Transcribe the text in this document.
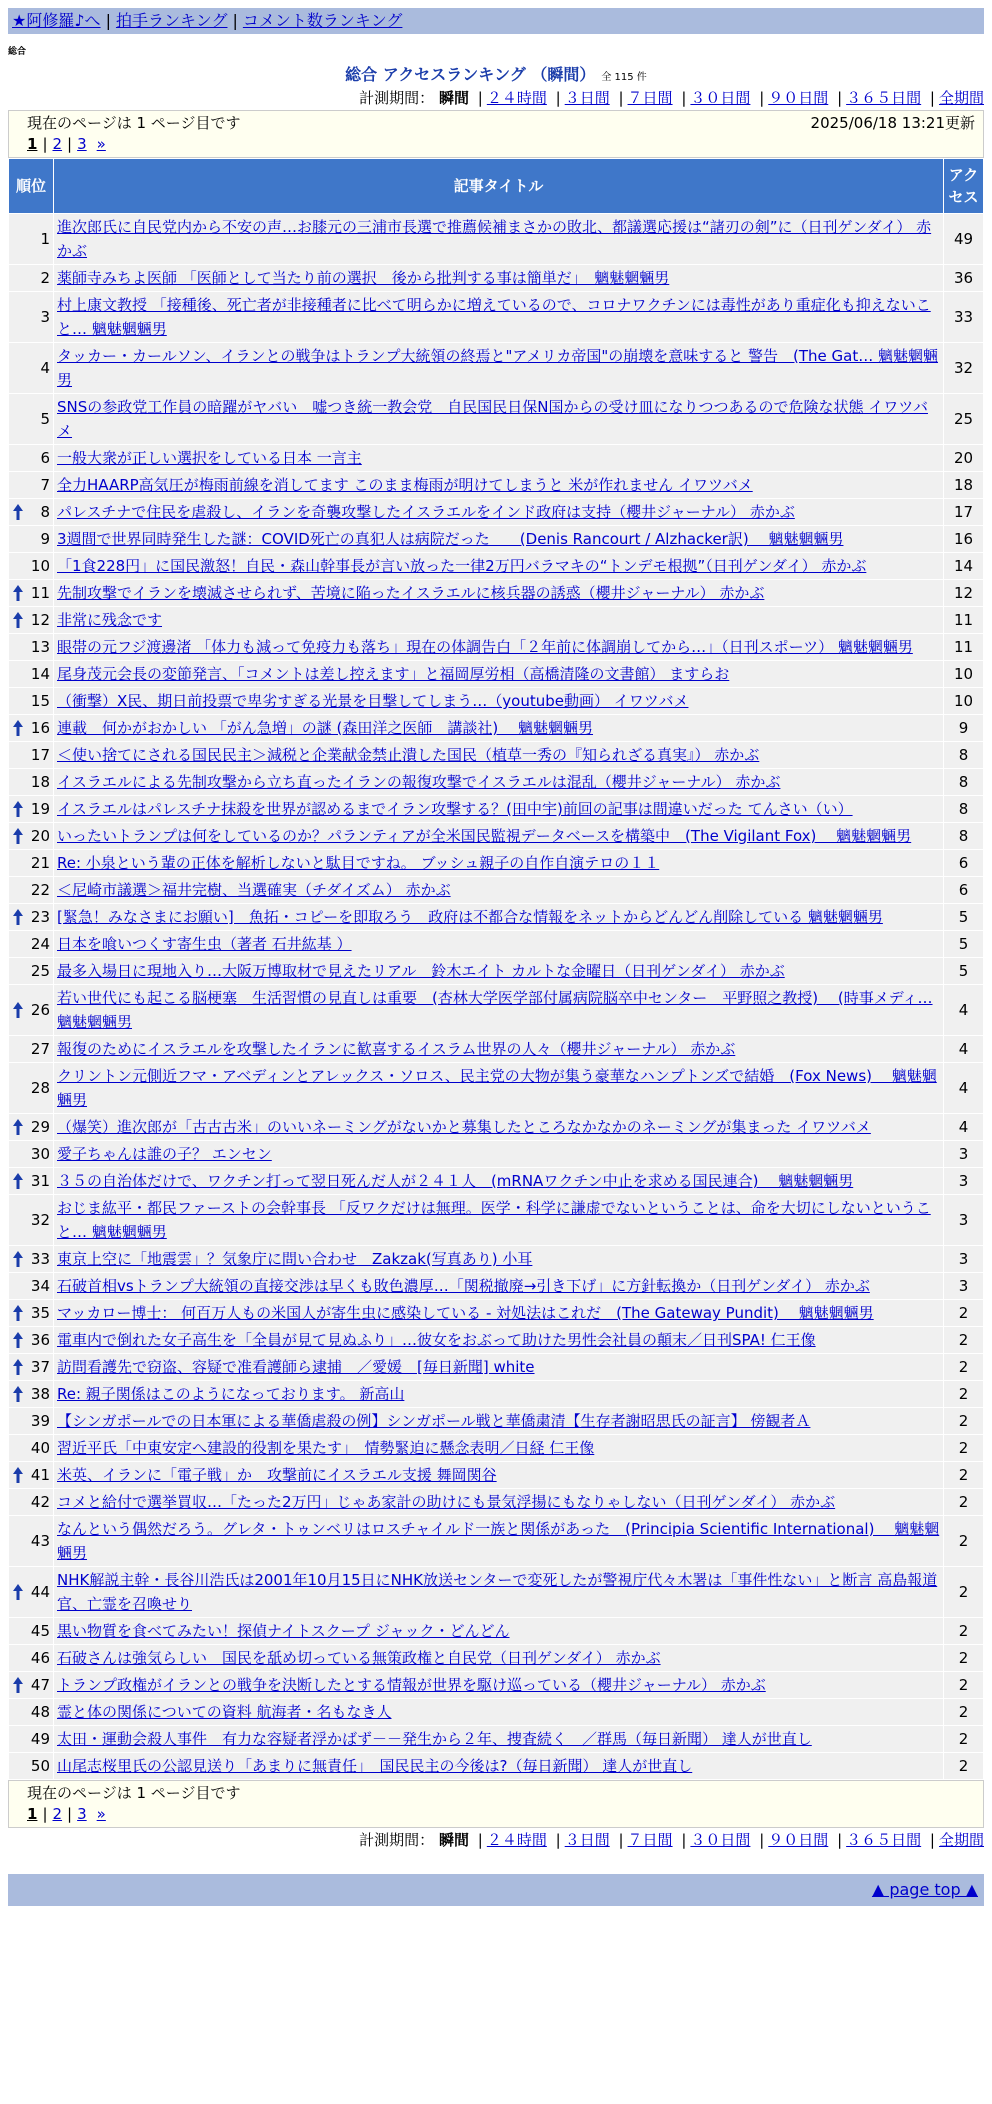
★阿修羅♪へ | 拍手ランキング | コメント数ランキング
総合
総合 アクセスランキング （瞬間） 全 115 件
計測期間： 瞬間 | ２４時間 | ３日間 | ７日間 | ３０日間 | ９０日間 | ３６５日間 | 全期間
現在のページは 1 ページ目です	2025/06/18 13:21更新
1 | 2 | 3 »
順位	記事タイトル	アクセス
1	進次郎氏に自民党内から不安の声…お膝元の三浦市長選で推薦候補まさかの敗北、都議選応援は“諸刃の剣”に（日刊ゲンダイ） 赤かぶ	49
2	薬師寺みちよ医師 「医師として当たり前の選択　後から批判する事は簡単だ」　魑魅魍魎男	36
3	村上康文教授 「接種後、死亡者が非接種者に比べて明らかに増えているので、コロナワクチンには毒性があり重症化も抑えないこと… 魑魅魍魎男	33
4	タッカー・カールソン、イランとの戦争はトランプ大統領の終焉と"アメリカ帝国"の崩壊を意味すると 警告　(The Gat… 魑魅魍魎男	32
5	SNSの参政党工作員の暗躍がヤバい　嘘つき統一教会党　自民国民日保N国からの受け皿になりつつあるので危険な状態 イワツバメ	25
6	一般大衆が正しい選択をしている日本 一言主	20
7	全力HAARP高気圧が梅雨前線を消してます このまま梅雨が明けてしまうと 米が作れません イワツバメ	18

8	パレスチナで住民を虐殺し、イランを奇襲攻撃したイスラエルをインド政府は支持（櫻井ジャーナル） 赤かぶ	17
9	3週間で世界同時発生した謎：COVID死亡の真犯人は病院だった　　(Denis Rancourt / Alzhacker訳)　 魑魅魍魎男	16
10	「1食228円」に国民激怒！自民・森山幹事長が言い放った一律2万円バラマキの“トンデモ根拠”（日刊ゲンダイ） 赤かぶ	14

11	先制攻撃でイランを壊滅させられず、苦境に陥ったイスラエルに核兵器の誘惑（櫻井ジャーナル） 赤かぶ	12

12	非常に残念です	11
13	眼帯の元フジ渡邊渚 「体力も減って免疫力も落ち」現在の体調告白「２年前に体調崩してから…」（日刊スポーツ） 魑魅魍魎男	11
14	尾身茂元会長の変節発言、「コメントは差し控えます」と福岡厚労相（高橋清隆の文書館） ますらお	10
15	（衝撃）X民、期日前投票で卑劣すぎる光景を目撃してしまう…（youtube動画） イワツバメ	10

16	連載　何かがおかしい 「がん急増」の謎 (森田洋之医師　講談社)　 魑魅魍魎男	9
17	＜使い捨てにされる国民民主＞減税と企業献金禁止潰した国民（植草一秀の『知られざる真実』） 赤かぶ	8
18	イスラエルによる先制攻撃から立ち直ったイランの報復攻撃でイスラエルは混乱（櫻井ジャーナル） 赤かぶ	8

19	イスラエルはパレスチナ抹殺を世界が認めるまでイラン攻撃する？(田中宇)前回の記事は間違いだった てんさい（い）	8

20	いったいトランプは何をしているのか？パランティアが全米国民監視データベースを構築中　(The Vigilant Fox)　 魑魅魍魎男	8
21	Re: 小泉という輩の正体を解析しないと駄目ですね。 ブッシュ親子の自作自演テロの１１	6
22	＜尼崎市議選＞福井完樹、当選確実（チダイズム） 赤かぶ	6

23	[緊急！みなさまにお願い]　魚拓・コピーを即取ろう　政府は不都合な情報をネットからどんどん削除している 魑魅魍魎男	5
24	日本を喰いつくす寄生虫（著者 石井紘基 ）	5
25	最多入場日に現地入り…大阪万博取材で見えたリアル　鈴木エイト カルトな金曜日（日刊ゲンダイ） 赤かぶ	5

26	若い世代にも起こる脳梗塞　生活習慣の見直しは重要　(杏林大学医学部付属病院脳卒中センター　平野照之教授)　 (時事メディ… 魑魅魍魎男	4
27	報復のためにイスラエルを攻撃したイランに歓喜するイスラム世界の人々（櫻井ジャーナル） 赤かぶ	4
28	クリントン元側近フマ・アベディンとアレックス・ソロス、民主党の大物が集う豪華なハンプトンズで結婚　(Fox News)　 魑魅魍魎男	4

29	（爆笑）進次郎が「古古古米」のいいネーミングがないかと募集したところなかなかのネーミングが集まった イワツバメ	4
30	愛子ちゃんは誰の子？ エンセン	3

31	３５の自治体だけで、ワクチン打って翌日死んだ人が２４１人　(mRNAワクチン中止を求める国民連合)　 魑魅魍魎男	3
32	おじま紘平・都民ファーストの会幹事長 「反ワクだけは無理。医学・科学に謙虚でないということは、命を大切にしないということ… 魑魅魍魎男	3

33	東京上空に「地震雲」？気象庁に問い合わせ　Zakzak(写真あり) 小耳	3
34	石破首相vsトランプ大統領の直接交渉は早くも敗色濃厚…「関税撤廃→引き下げ」に方針転換か（日刊ゲンダイ） 赤かぶ	3

35	マッカロー博士： 何百万人もの米国人が寄生虫に感染している - 対処法はこれだ　(The Gateway Pundit)　 魑魅魍魎男	2

36	電車内で倒れた女子高生を「全員が見て見ぬふり」…彼女をおぶって助けた男性会社員の顛末／日刊SPA! 仁王像	2

37	訪問看護先で窃盗、容疑で准看護師ら逮捕　／愛媛　[毎日新聞] white	2

38	Re: 親子関係はこのようになっております。 新高山	2
39	【シンガポールでの日本軍による華僑虐殺の例】シンガポール戦と華僑粛清【生存者謝昭思氏の証言】 傍観者Ａ	2
40	習近平氏「中東安定へ建設的役割を果たす」　情勢緊迫に懸念表明／日経 仁王像	2

41	米英、イランに「電子戦」か　攻撃前にイスラエル支援 舞岡関谷	2
42	コメと給付で選挙買収…「たった2万円」じゃあ家計の助けにも景気浮揚にもなりゃしない（日刊ゲンダイ） 赤かぶ	2
43	なんという偶然だろう。グレタ・トゥンベリはロスチャイルド一族と関係があった　(Principia Scientific International)　 魑魅魍魎男	2

44	NHK解説主幹・長谷川浩氏は2001年10月15日にNHK放送センターで変死したが警視庁代々木署は「事件性ない」と断言 高島報道官、亡霊を召喚せり	2
45	黒い物質を食べてみたい！探偵ナイトスクープ ジャック・どんどん	2
46	石破さんは強気らしい　国民を舐め切っている無策政権と自民党（日刊ゲンダイ） 赤かぶ	2

47	トランプ政権がイランとの戦争を決断したとする情報が世界を駆け巡っている（櫻井ジャーナル） 赤かぶ	2
48	霊と体の関係についての資料 航海者・名もなき人	2
49	太田・運動会殺人事件　有力な容疑者浮かばず－－発生から２年、捜査続く　／群馬（毎日新聞） 達人が世直し	2
50	山尾志桜里氏の公認見送り「あまりに無責任」　国民民主の今後は?（毎日新聞） 達人が世直し	2
現在のページは 1 ページ目です
1 | 2 | 3 »
計測期間： 瞬間 | ２４時間 | ３日間 | ７日間 | ３０日間 | ９０日間 | ３６５日間 | 全期間
▲ page top ▲
